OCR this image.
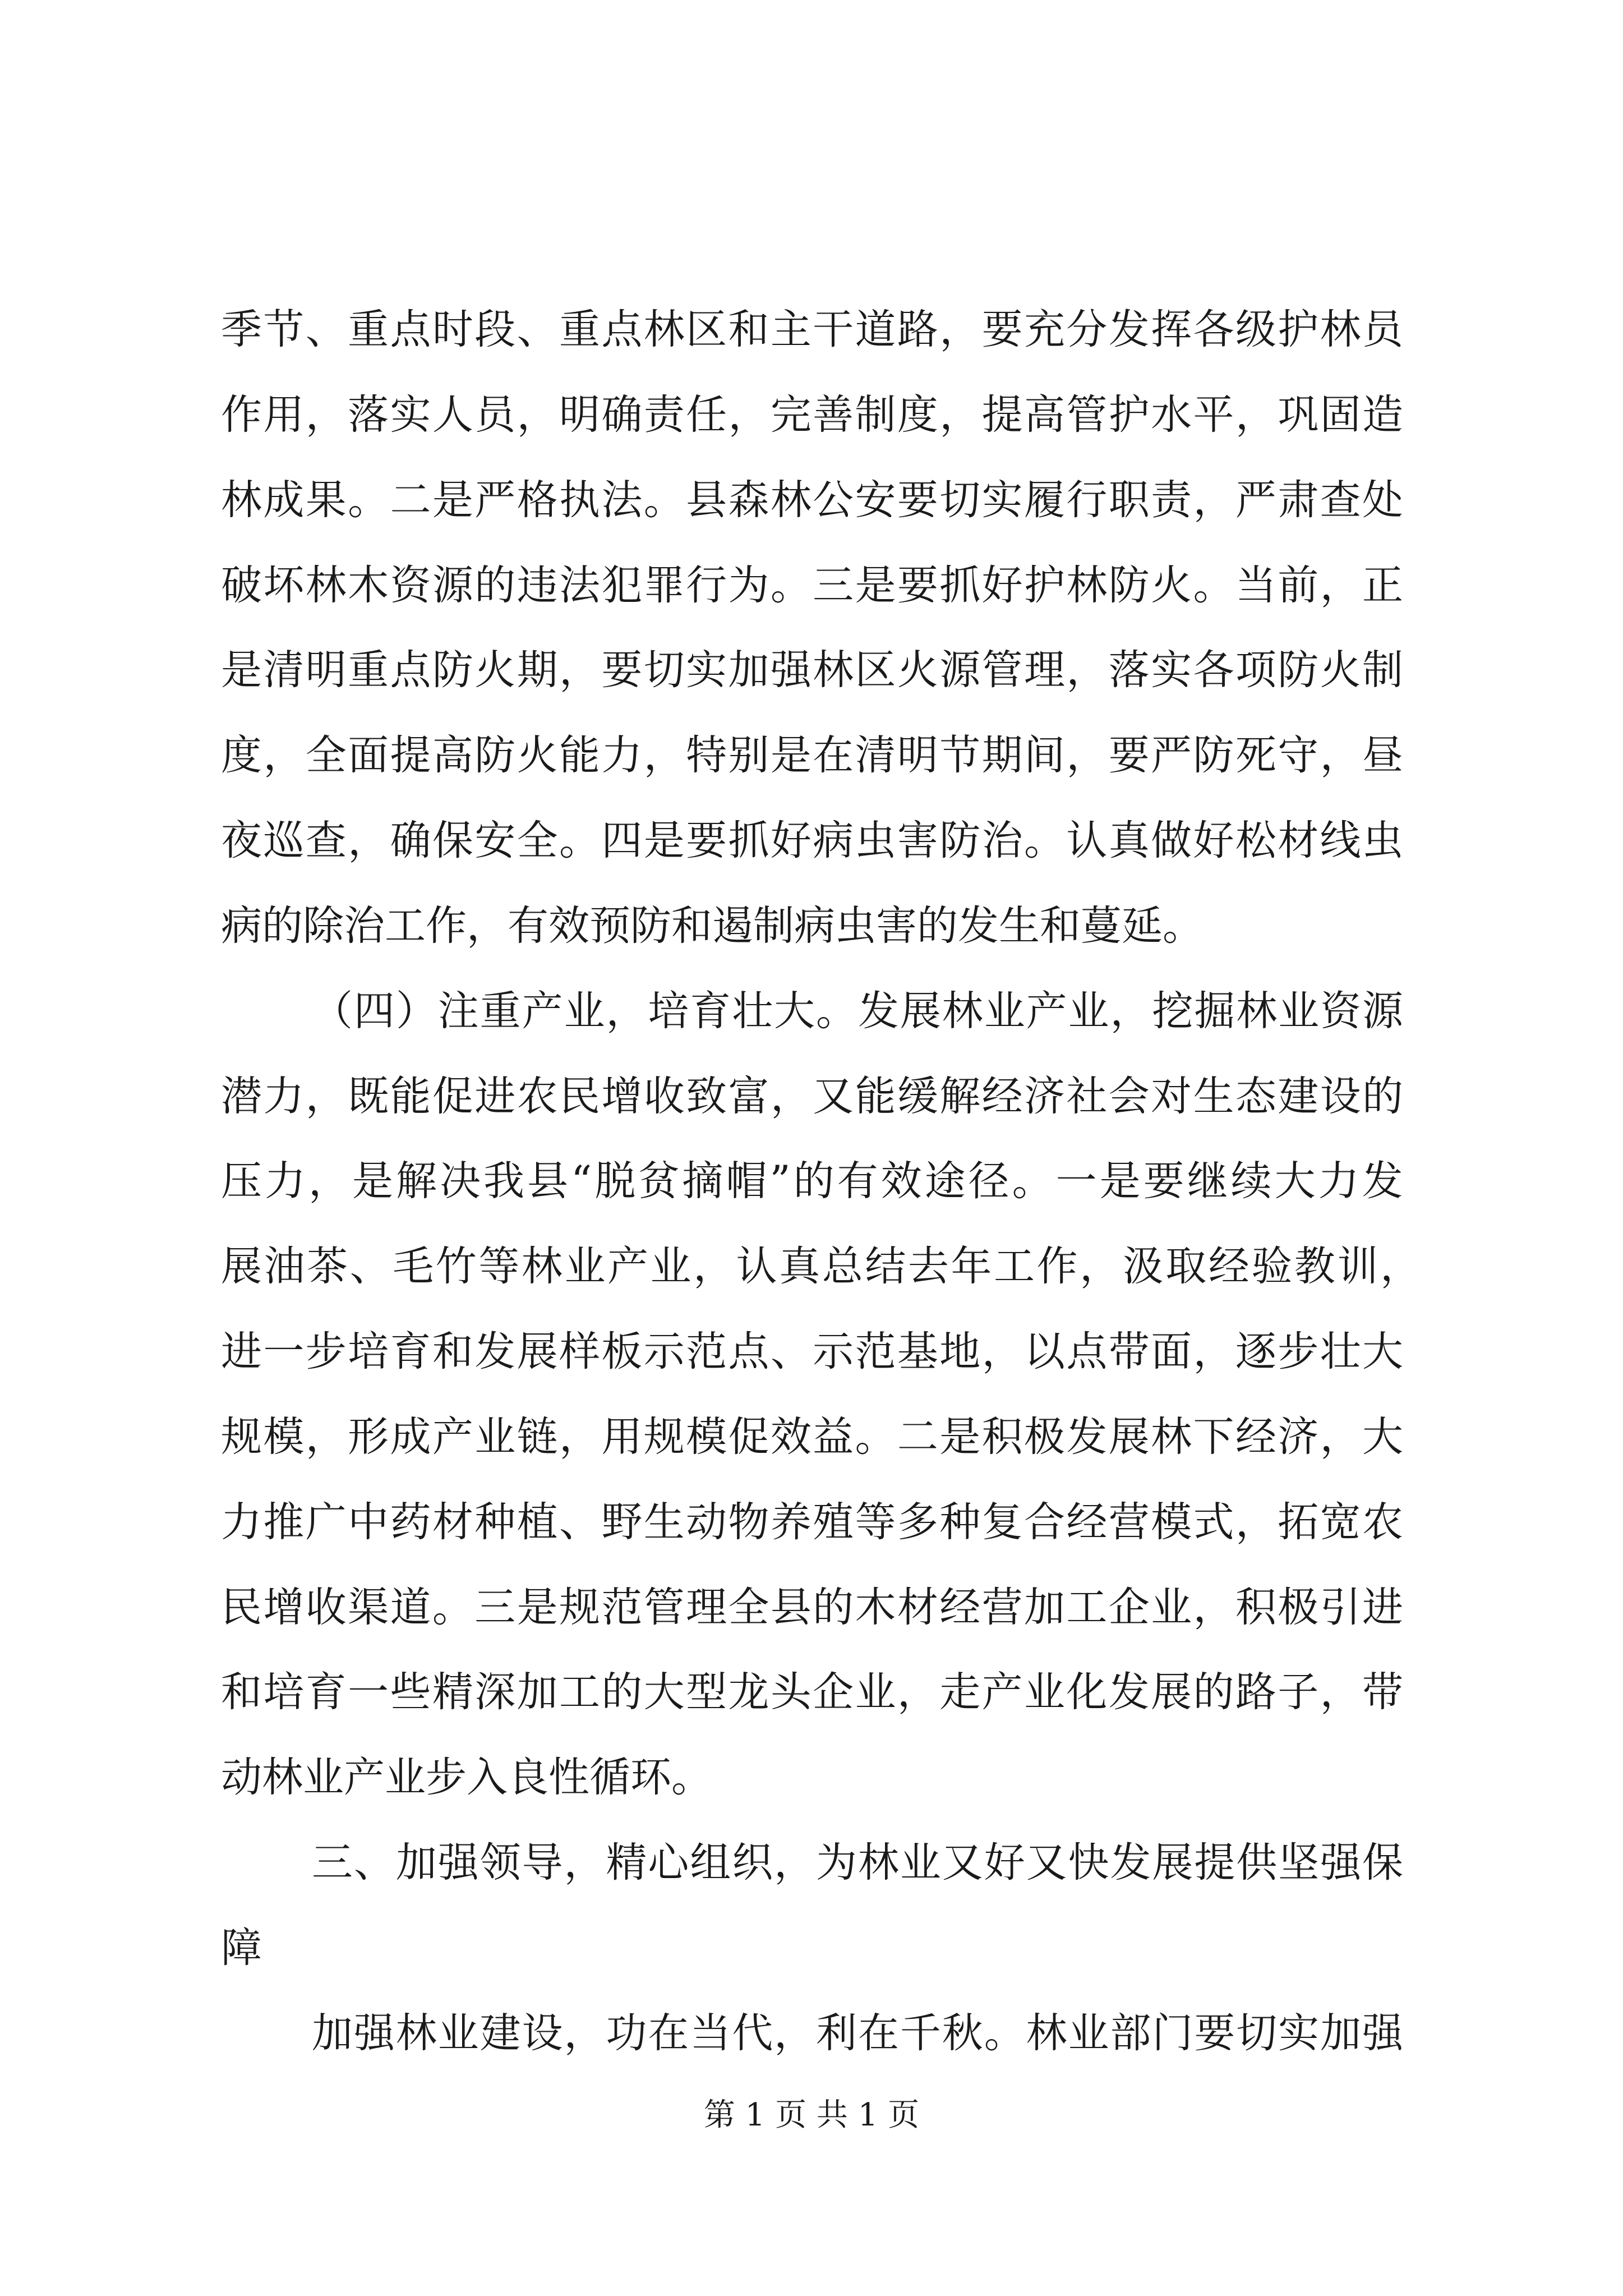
季节、重点时段、重点林区和主干道路，要充分发挥各级护林员
作用，落实人员，明确责任，完善制度，提高管护水平，巩固造
林成果。二是严格执法。县森林公安要切实履行职责，严肃查处
破坏林木资源的违法犯罪行为。三是要抓好护林防火。当前，正
是清明重点防火期，要切实加强林区火源管理，落实各项防火制
度，全面提高防火能力，特别是在清明节期间，要严防死守，昼
夜巡查，确保安全。四是要抓好病虫害防治。认真做好松材线虫
病的除治工作，有效预防和遏制病虫害的发生和蔓延。
（四）注重产业，培育壮大。发展林业产业，挖掘林业资源
潜力，既能促进农民增收致富，又能缓解经济社会对生态建设的
压力，是解决我县“脱贫摘帽”的有效途径。一是要继续大力发
展油茶、毛竹等林业产业，认真总结去年工作，汲取经验教训，
进一步培育和发展样板示范点、示范基地，以点带面，逐步壮大
规模，形成产业链，用规模促效益。二是积极发展林下经济，大
力推广中药材种植、野生动物养殖等多种复合经营模式，拓宽农
民增收渠道。三是规范管理全县的木材经营加工企业，积极引进
和培育一些精深加工的大型龙头企业，走产业化发展的路子，带
动林业产业步入良性循环。
三、加强领导，精心组织，为林业又好又快发展提供坚强保
障
加强林业建设，功在当代，利在千秋。林业部门要切实加强
第 1 页 共 1 页
